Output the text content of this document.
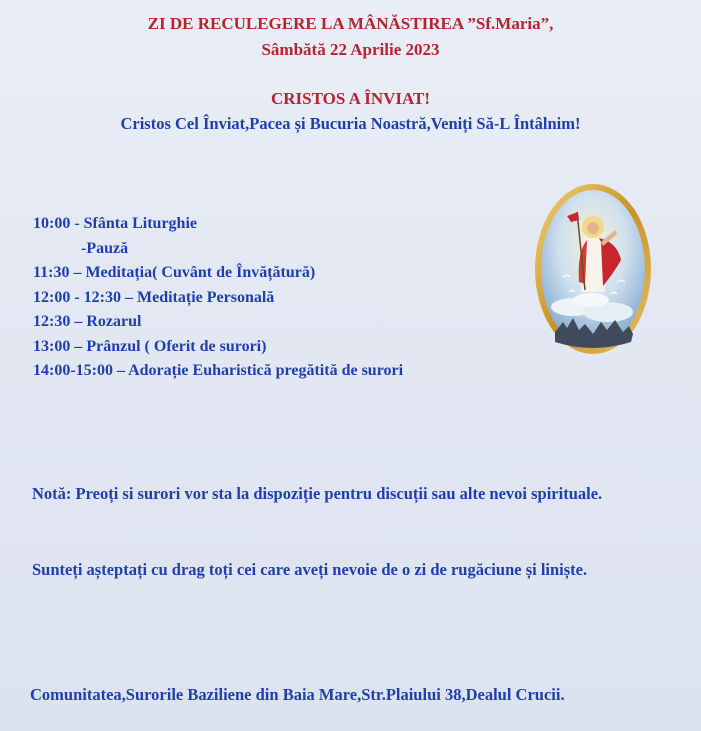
ZI DE RECULEGERE LA MÂNĂSTIREA ”Sf.Maria”,
Sâmbătă 22 Aprilie 2023
CRISTOS A ÎNVIAT!
Cristos Cel Înviat,Pacea și Bucuria Noastră,Veniți Să-L Întâlnim!
10:00 - Sfânta Liturghie
-Pauză
11:30 – Meditația( Cuvânt de Învățătură)
12:00 - 12:30 – Meditație Personală
12:30 – Rozarul
13:00 – Prânzul ( Oferit de surori)
14:00-15:00 – Adorație Euharistică pregătită de surori
Notă: Preoți si surori vor sta la dispoziție pentru discuții sau alte nevoi spirituale.
Sunteți așteptați cu drag toți cei care aveți nevoie de o zi de rugăciune și liniște.
Comunitatea,Surorile Baziliene din Baia Mare,Str.Plaiului 38,Dealul Crucii.
